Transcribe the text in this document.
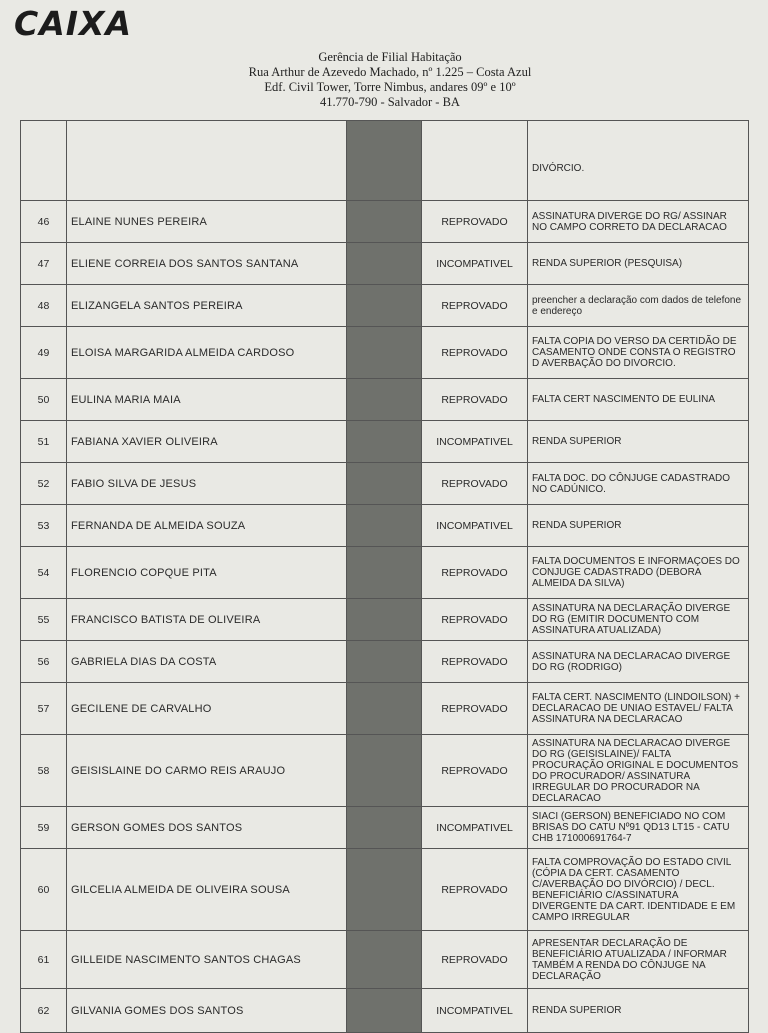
CAIXA
Gerência de Filial Habitação
Rua Arthur de Azevedo Machado, nº 1.225 – Costa Azul
Edf. Civil Tower, Torre Nimbus, andares 09º e 10º
41.770-790 - Salvador - BA
				DIVÓRCIO.
46	ELAINE NUNES PEREIRA		REPROVADO	ASSINATURA DIVERGE DO RG/ ASSINAR NO CAMPO CORRETO DA DECLARACAO
47	ELIENE CORREIA DOS SANTOS SANTANA		INCOMPATIVEL	RENDA SUPERIOR (PESQUISA)
48	ELIZANGELA SANTOS PEREIRA		REPROVADO	preencher a declaração com dados de telefone e endereço
49	ELOISA MARGARIDA ALMEIDA CARDOSO		REPROVADO	FALTA COPIA DO VERSO DA CERTIDÃO DE CASAMENTO ONDE CONSTA O REGISTRO D AVERBAÇÃO DO DIVORCIO.
50	EULINA MARIA MAIA		REPROVADO	FALTA CERT NASCIMENTO DE EULINA
51	FABIANA XAVIER OLIVEIRA		INCOMPATIVEL	RENDA SUPERIOR
52	FABIO SILVA DE JESUS		REPROVADO	FALTA DOC. DO CÔNJUGE CADASTRADO NO CADÚNICO.
53	FERNANDA DE ALMEIDA SOUZA		INCOMPATIVEL	RENDA SUPERIOR
54	FLORENCIO COPQUE PITA		REPROVADO	FALTA DOCUMENTOS E INFORMAÇOES DO CONJUGE CADASTRADO (DEBORA ALMEIDA DA SILVA)
55	FRANCISCO BATISTA DE OLIVEIRA		REPROVADO	ASSINATURA NA DECLARAÇÃO DIVERGE DO RG (EMITIR DOCUMENTO COM ASSINATURA ATUALIZADA)
56	GABRIELA DIAS DA COSTA		REPROVADO	ASSINATURA NA DECLARACAO DIVERGE DO RG (RODRIGO)
57	GECILENE DE CARVALHO		REPROVADO	FALTA CERT. NASCIMENTO (LINDOILSON) + DECLARACAO DE UNIAO ESTAVEL/ FALTA ASSINATURA NA DECLARACAO
58	GEISISLAINE DO CARMO REIS ARAUJO		REPROVADO	ASSINATURA NA DECLARACAO DIVERGE DO RG (GEISISLAINE)/ FALTA PROCURAÇÃO ORIGINAL E DOCUMENTOS DO PROCURADOR/ ASSINATURA IRREGULAR DO PROCURADOR NA DECLARACAO
59	GERSON GOMES DOS SANTOS		INCOMPATIVEL	SIACI (GERSON) BENEFICIADO NO COM BRISAS DO CATU Nº91 QD13 LT15 - CATU CHB 171000691764-7
60	GILCELIA ALMEIDA DE OLIVEIRA SOUSA		REPROVADO	FALTA COMPROVAÇÃO DO ESTADO CIVIL (CÓPIA DA CERT. CASAMENTO C/AVERBAÇÃO DO DIVÓRCIO) / DECL. BENEFICIÁRIO C/ASSINATURA DIVERGENTE DA CART. IDENTIDADE E EM CAMPO IRREGULAR
61	GILLEIDE NASCIMENTO SANTOS CHAGAS		REPROVADO	APRESENTAR DECLARAÇÃO DE BENEFICIÁRIO ATUALIZADA / INFORMAR TAMBÉM A RENDA DO CÔNJUGE NA DECLARAÇÃO
62	GILVANIA GOMES DOS SANTOS		INCOMPATIVEL	RENDA SUPERIOR
